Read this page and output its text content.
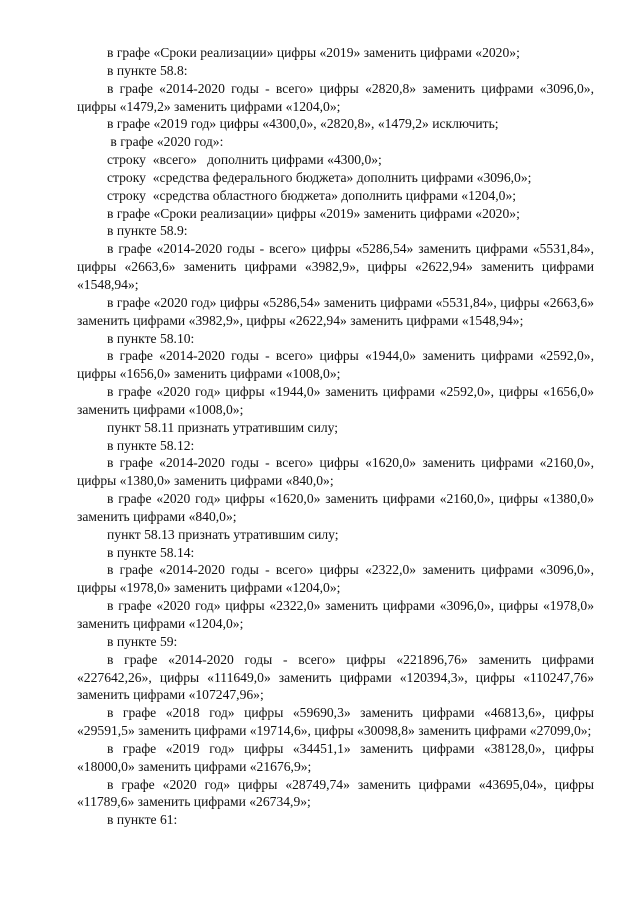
в графе «Сроки реализации» цифры «2019» заменить цифрами «2020»;

в пункте 58.8:

в графе «2014-2020 годы - всего» цифры «2820,8» заменить цифрами «3096,0», цифры «1479,2» заменить цифрами «1204,0»;

в графе «2019 год» цифры «4300,0», «2820,8», «1479,2» исключить;

в графе «2020 год»:

строку  «всего»   дополнить цифрами «4300,0»;

строку  «средства федерального бюджета» дополнить цифрами «3096,0»;

строку  «средства областного бюджета» дополнить цифрами «1204,0»;

в графе «Сроки реализации» цифры «2019» заменить цифрами «2020»;

в пункте 58.9:

в графе «2014-2020 годы - всего» цифры «5286,54» заменить цифрами «5531,84», цифры «2663,6» заменить цифрами «3982,9», цифры «2622,94» заменить цифрами «1548,94»;

в графе «2020 год» цифры «5286,54» заменить цифрами «5531,84», цифры «2663,6» заменить цифрами «3982,9», цифры «2622,94» заменить цифрами «1548,94»;

в пункте 58.10:

в графе «2014-2020 годы - всего» цифры «1944,0» заменить цифрами «2592,0», цифры «1656,0» заменить цифрами «1008,0»;

в графе «2020 год» цифры «1944,0» заменить цифрами «2592,0», цифры «1656,0» заменить цифрами «1008,0»;

пункт 58.11 признать утратившим силу;

в пункте 58.12:

в графе «2014-2020 годы - всего» цифры «1620,0» заменить цифрами «2160,0», цифры «1380,0» заменить цифрами «840,0»;

в графе «2020 год» цифры «1620,0» заменить цифрами «2160,0», цифры «1380,0» заменить цифрами «840,0»;

пункт 58.13 признать утратившим силу;

в пункте 58.14:

в графе «2014-2020 годы - всего» цифры «2322,0» заменить цифрами «3096,0», цифры «1978,0» заменить цифрами «1204,0»;

в графе «2020 год» цифры «2322,0» заменить цифрами «3096,0», цифры «1978,0» заменить цифрами «1204,0»;

в пункте 59:

в графе «2014-2020 годы - всего» цифры «221896,76» заменить цифрами «227642,26», цифры «111649,0» заменить цифрами «120394,3», цифры «110247,76» заменить цифрами «107247,96»;

в графе «2018 год» цифры «59690,3» заменить цифрами «46813,6», цифры «29591,5» заменить цифрами «19714,6», цифры «30098,8» заменить цифрами «27099,0»;

в графе «2019 год» цифры «34451,1» заменить цифрами «38128,0», цифры «18000,0» заменить цифрами «21676,9»;

в графе «2020 год» цифры «28749,74» заменить цифрами «43695,04», цифры «11789,6» заменить цифрами «26734,9»;

в пункте 61:
